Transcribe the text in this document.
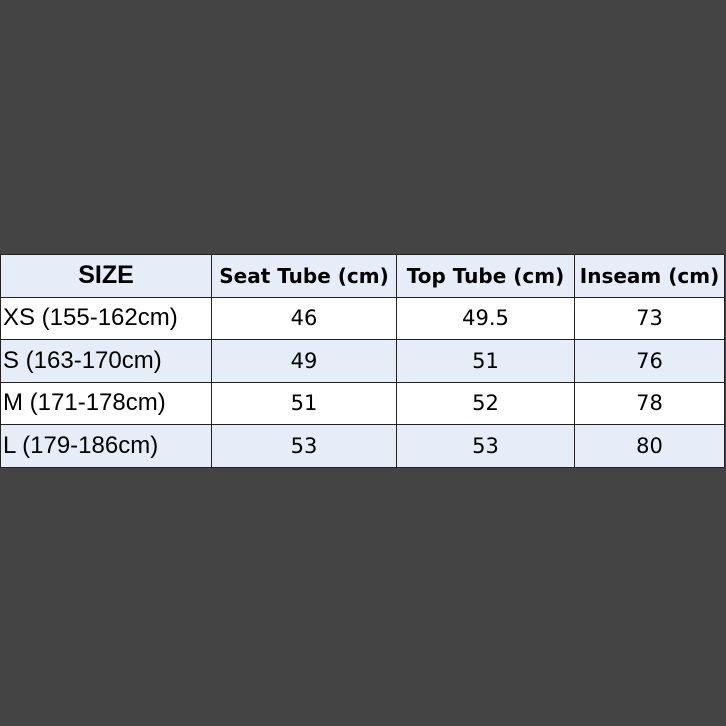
SIZE	Seat Tube (cm)	Top Tube (cm)	Inseam (cm)
XS (155-162cm)	46	49.5	73
S (163-170cm)	49	51	76
M (171-178cm)	51	52	78
L (179-186cm)	53	53	80
